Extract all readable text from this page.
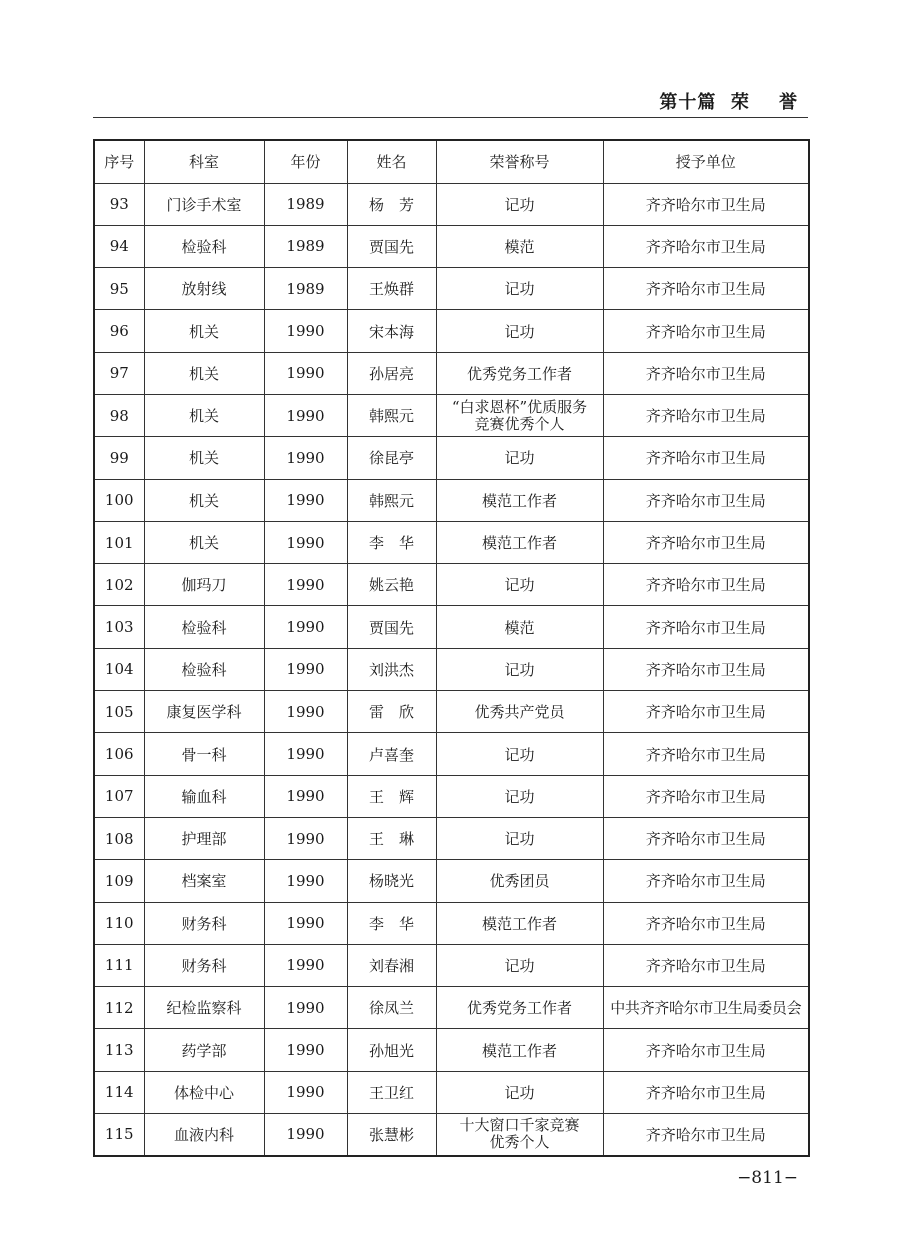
第十篇  荣    誉
序号	科室	年份	姓名	荣誉称号	授予单位
93	门诊手术室	1989	杨　芳	记功	齐齐哈尔市卫生局
94	检验科	1989	贾国先	模范	齐齐哈尔市卫生局
95	放射线	1989	王焕群	记功	齐齐哈尔市卫生局
96	机关	1990	宋本海	记功	齐齐哈尔市卫生局
97	机关	1990	孙居亮	优秀党务工作者	齐齐哈尔市卫生局
98	机关	1990	韩熙元	“白求恩杯”优质服务
竞赛优秀个人	齐齐哈尔市卫生局
99	机关	1990	徐昆亭	记功	齐齐哈尔市卫生局
100	机关	1990	韩熙元	模范工作者	齐齐哈尔市卫生局
101	机关	1990	李　华	模范工作者	齐齐哈尔市卫生局
102	伽玛刀	1990	姚云艳	记功	齐齐哈尔市卫生局
103	检验科	1990	贾国先	模范	齐齐哈尔市卫生局
104	检验科	1990	刘洪杰	记功	齐齐哈尔市卫生局
105	康复医学科	1990	雷　欣	优秀共产党员	齐齐哈尔市卫生局
106	骨一科	1990	卢喜奎	记功	齐齐哈尔市卫生局
107	输血科	1990	王　辉	记功	齐齐哈尔市卫生局
108	护理部	1990	王　琳	记功	齐齐哈尔市卫生局
109	档案室	1990	杨晓光	优秀团员	齐齐哈尔市卫生局
110	财务科	1990	李　华	模范工作者	齐齐哈尔市卫生局
111	财务科	1990	刘春湘	记功	齐齐哈尔市卫生局
112	纪检监察科	1990	徐凤兰	优秀党务工作者	中共齐齐哈尔市卫生局委员会
113	药学部	1990	孙旭光	模范工作者	齐齐哈尔市卫生局
114	体检中心	1990	王卫红	记功	齐齐哈尔市卫生局
115	血液内科	1990	张慧彬	十大窗口千家竞赛
优秀个人	齐齐哈尔市卫生局
−811−
